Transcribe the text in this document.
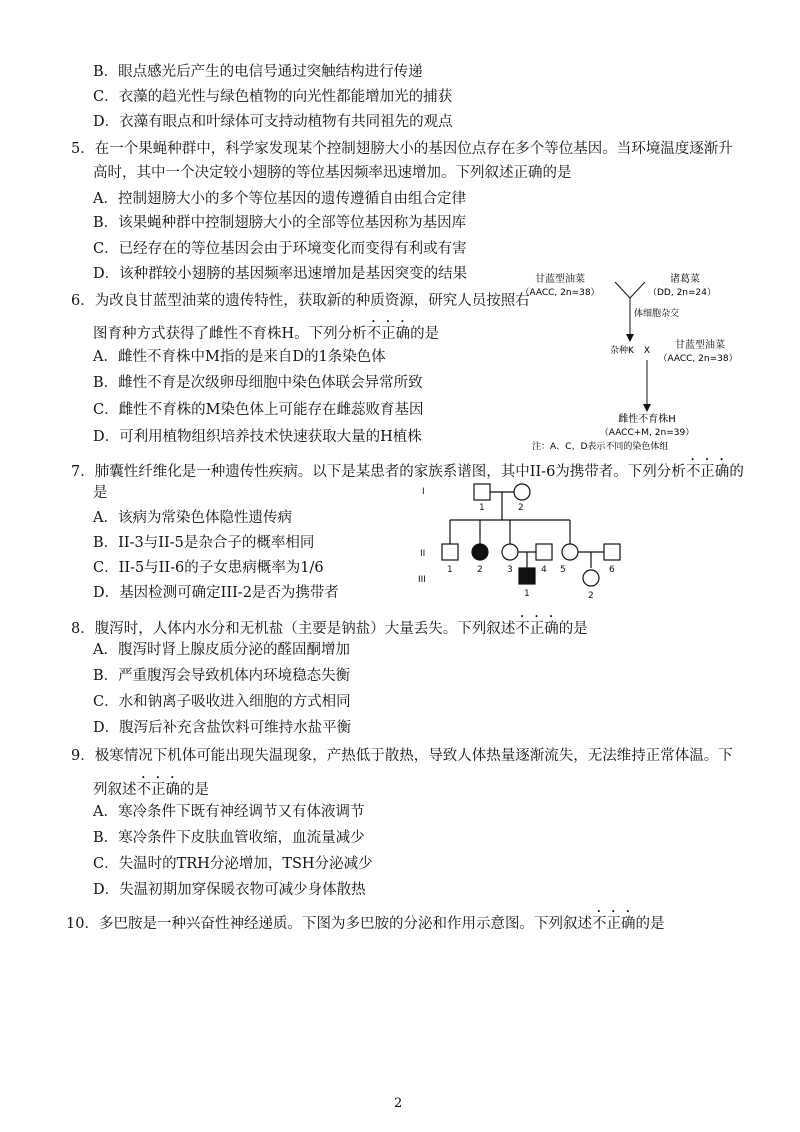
B．眼点感光后产生的电信号通过突触结构进行传递
C．衣藻的趋光性与绿色植物的向光性都能增加光的捕获
D．衣藻有眼点和叶绿体可支持动植物有共同祖先的观点
5．在一个果蝇种群中，科学家发现某个控制翅膀大小的基因位点存在多个等位基因。当环境温度逐渐升
高时，其中一个决定较小翅膀的等位基因频率迅速增加。下列叙述正确的是
A．控制翅膀大小的多个等位基因的遗传遵循自由组合定律
B．该果蝇种群中控制翅膀大小的全部等位基因称为基因库
C．已经存在的等位基因会由于环境变化而变得有利或有害
D．该种群较小翅膀的基因频率迅速增加是基因突变的结果
6．为改良甘蓝型油菜的遗传特性，获取新的种质资源，研究人员按照右
图育种方式获得了雌性不育株H。下列分析不正确的是
A．雌性不育株中M指的是来自D的1条染色体
B．雌性不育是次级卵母细胞中染色体联会异常所致
C．雌性不育株的M染色体上可能存在雌蕊败育基因
D．可利用植物组织培养技术快速获取大量的H植株
甘蓝型油菜
（AACC, 2n=38）
诸葛菜
（DD, 2n=24）
体细胞杂交
杂种K X 甘蓝型油菜
（AACC, 2n=38）
雌性不育株H
（AACC+M, 2n=39）
注：A、C、D表示不同的染色体组
7．肺囊性纤维化是一种遗传性疾病。以下是某患者的家族系谱图，其中II-6为携带者。下列分析不正确的
是
A．该病为常染色体隐性遗传病
B．II-3与II-5是杂合子的概率相同
C．II-5与II-6的子女患病概率为1/6
D．基因检测可确定III-2是否为携带者
I
II
III
1	2
1	2	3	4 5	6
1	2
8．腹泻时，人体内水分和无机盐（主要是钠盐）大量丢失。下列叙述不正确的是
A．腹泻时肾上腺皮质分泌的醛固酮增加
B．严重腹泻会导致机体内环境稳态失衡
C．水和钠离子吸收进入细胞的方式相同
D．腹泻后补充含盐饮料可维持水盐平衡
9．极寒情况下机体可能出现失温现象，产热低于散热，导致人体热量逐渐流失，无法维持正常体温。下
列叙述不正确的是
A．寒冷条件下既有神经调节又有体液调节
B．寒冷条件下皮肤血管收缩，血流量减少
C．失温时的TRH分泌增加，TSH分泌减少
D．失温初期加穿保暖衣物可减少身体散热
10．多巴胺是一种兴奋性神经递质。下图为多巴胺的分泌和作用示意图。下列叙述不正确的是
2
